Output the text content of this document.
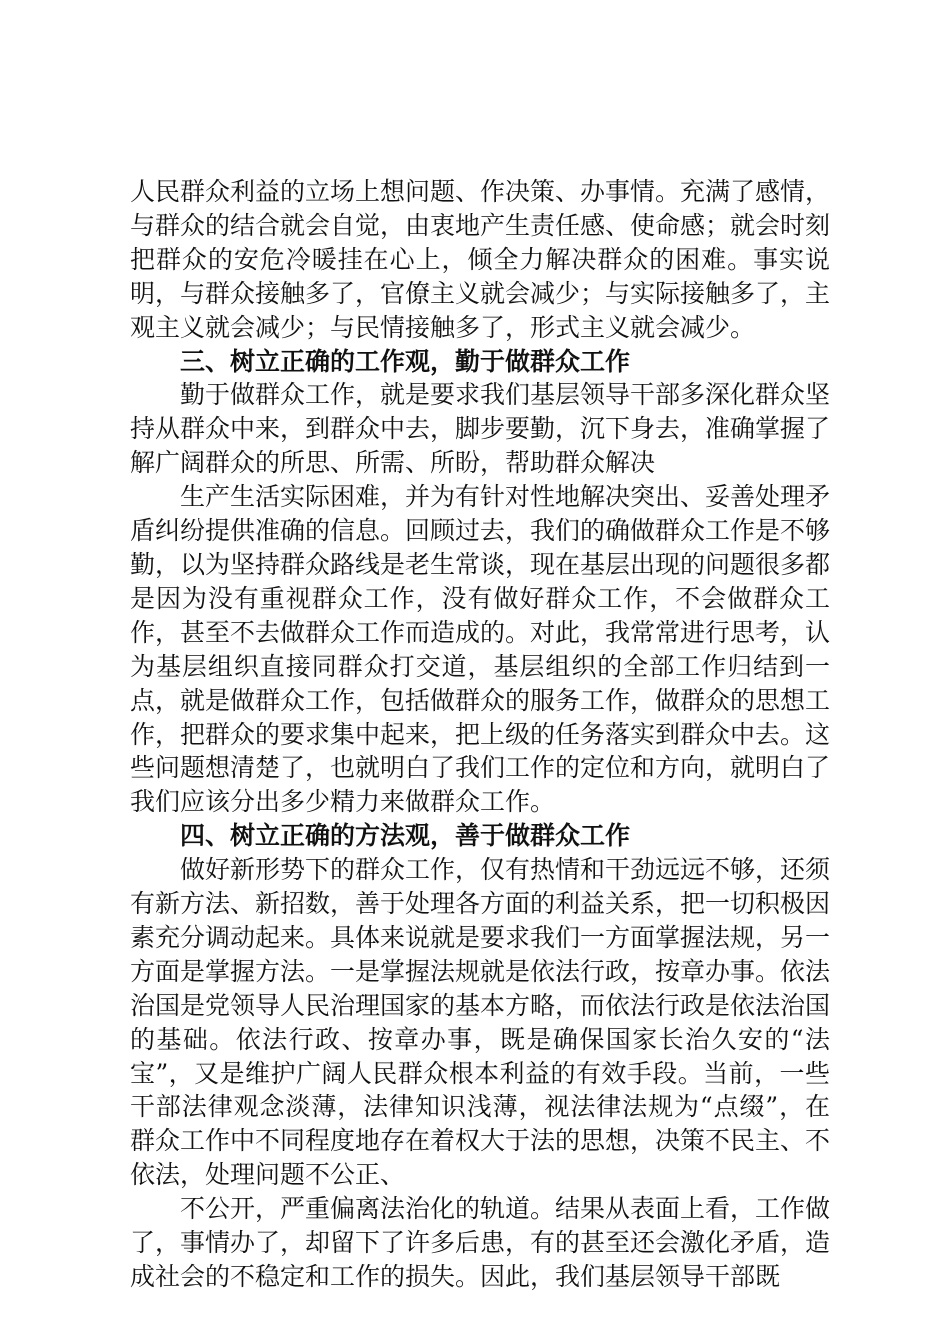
人民群众利益的立场上想问题、作决策、办事情。充满了感情，与群众的结合就会自觉，由衷地产生责任感、使命感；就会时刻把群众的安危冷暖挂在心上，倾全力解决群众的困难。事实说明，与群众接触多了，官僚主义就会减少；与实际接触多了，主观主义就会减少；与民情接触多了，形式主义就会减少。

三、树立正确的工作观，勤于做群众工作

勤于做群众工作，就是要求我们基层领导干部多深化群众坚持从群众中来，到群众中去，脚步要勤，沉下身去，准确掌握了解广阔群众的所思、所需、所盼，帮助群众解决

生产生活实际困难，并为有针对性地解决突出、妥善处理矛盾纠纷提供准确的信息。回顾过去，我们的确做群众工作是不够勤，以为坚持群众路线是老生常谈，现在基层出现的问题很多都是因为没有重视群众工作，没有做好群众工作，不会做群众工作，甚至不去做群众工作而造成的。对此，我常常进行思考，认为基层组织直接同群众打交道，基层组织的全部工作归结到一点，就是做群众工作，包括做群众的服务工作，做群众的思想工作，把群众的要求集中起来，把上级的任务落实到群众中去。这些问题想清楚了，也就明白了我们工作的定位和方向，就明白了我们应该分出多少精力来做群众工作。

四、树立正确的方法观，善于做群众工作

做好新形势下的群众工作，仅有热情和干劲远远不够，还须有新方法、新招数，善于处理各方面的利益关系，把一切积极因素充分调动起来。具体来说就是要求我们一方面掌握法规，另一方面是掌握方法。一是掌握法规就是依法行政，按章办事。依法治国是党领导人民治理国家的基本方略，而依法行政是依法治国的基础。依法行政、按章办事，既是确保国家长治久安的“法宝”，又是维护广阔人民群众根本利益的有效手段。当前，一些干部法律观念淡薄，法律知识浅薄，视法律法规为“点缀”，在群众工作中不同程度地存在着权大于法的思想，决策不民主、不依法，处理问题不公正、

不公开，严重偏离法治化的轨道。结果从表面上看，工作做了，事情办了，却留下了许多后患，有的甚至还会激化矛盾，造成社会的不稳定和工作的损失。因此，我们基层领导干部既
